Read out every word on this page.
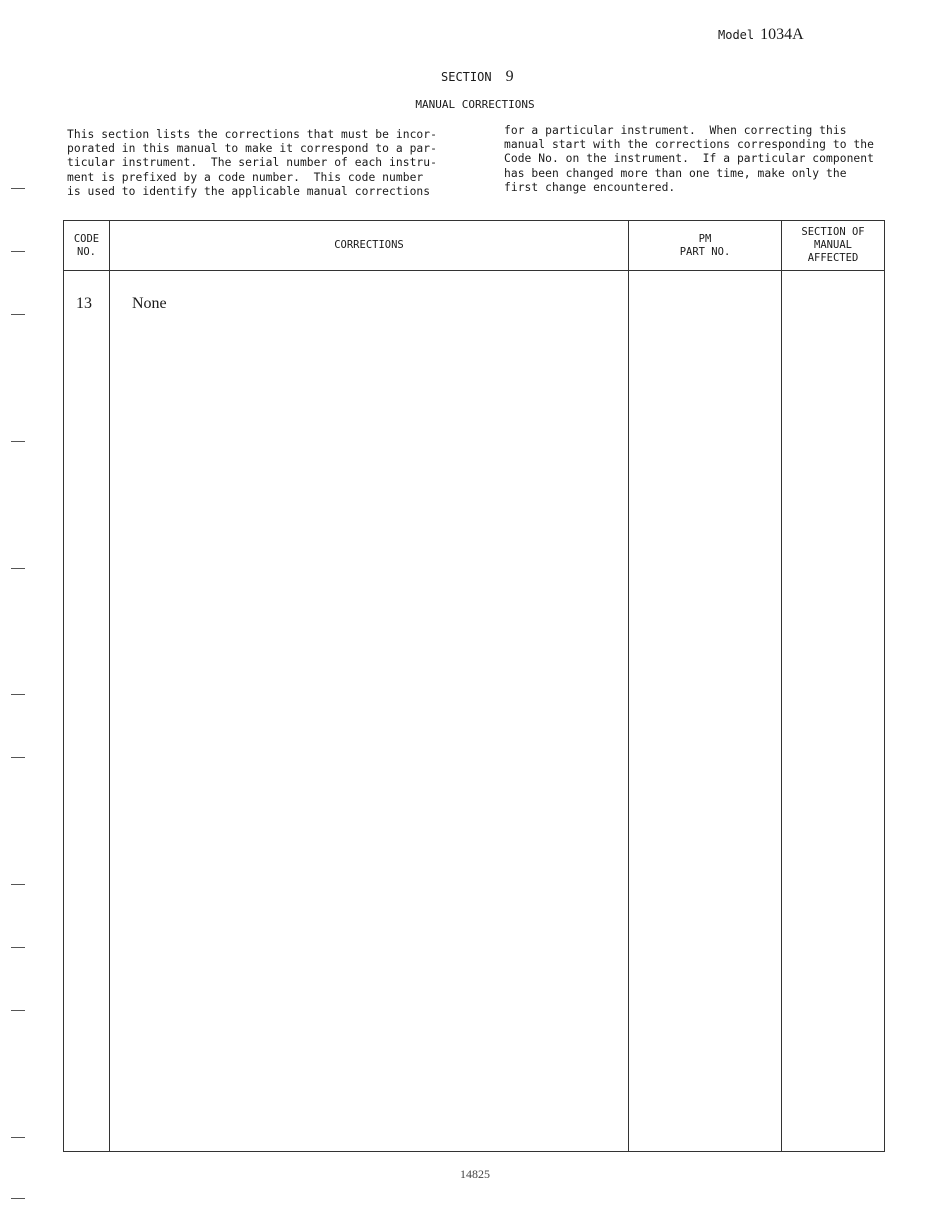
Model 1034A
SECTION 9
MANUAL CORRECTIONS
This section lists the corrections that must be incor-
porated in this manual to make it correspond to a par-
ticular instrument.  The serial number of each instru-
ment is prefixed by a code number.  This code number
is used to identify the applicable manual corrections
for a particular instrument.  When correcting this
manual start with the corrections corresponding to the
Code No. on the instrument.  If a particular component
has been changed more than one time, make only the
first change encountered.
CODE
NO.
CORRECTIONS
PM
PART NO.
SECTION OF
MANUAL
AFFECTED
13	None
14825
